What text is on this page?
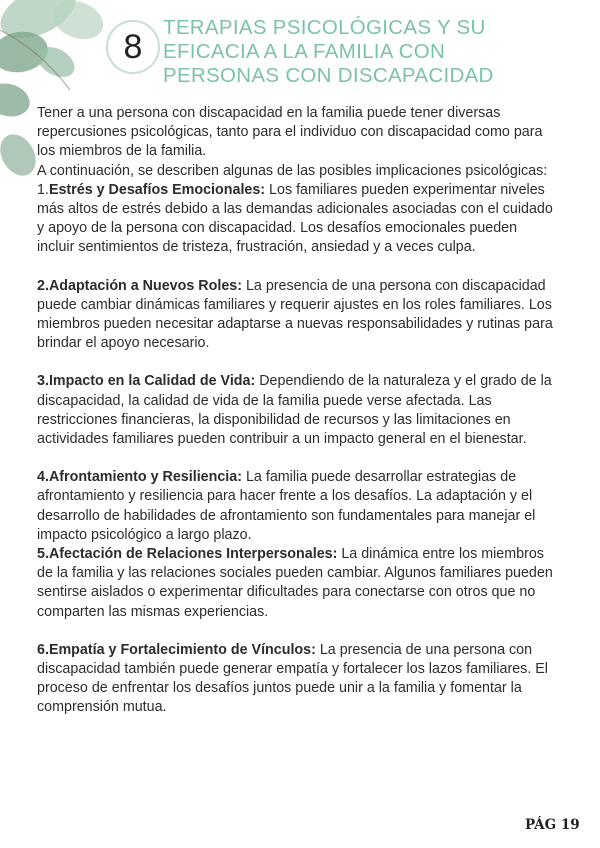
8 TERAPIAS PSICOLÓGICAS Y SU
EFICACIA A LA FAMILIA CON
PERSONAS CON DISCAPACIDAD

Tener a una persona con discapacidad en la familia puede tener diversas repercusiones psicológicas, tanto para el individuo con discapacidad como para los miembros de la familia.

A continuación, se describen algunas de las posibles implicaciones psicológicas:

1.Estrés y Desafíos Emocionales: Los familiares pueden experimentar niveles más altos de estrés debido a las demandas adicionales asociadas con el cuidado y apoyo de la persona con discapacidad. Los desafíos emocionales pueden incluir sentimientos de tristeza, frustración, ansiedad y a veces culpa.

2.Adaptación a Nuevos Roles: La presencia de una persona con discapacidad puede cambiar dinámicas familiares y requerir ajustes en los roles familiares. Los miembros pueden necesitar adaptarse a nuevas responsabilidades y rutinas para brindar el apoyo necesario.

3.Impacto en la Calidad de Vida: Dependiendo de la naturaleza y el grado de la discapacidad, la calidad de vida de la familia puede verse afectada. Las restricciones financieras, la disponibilidad de recursos y las limitaciones en actividades familiares pueden contribuir a un impacto general en el bienestar.

4.Afrontamiento y Resiliencia: La familia puede desarrollar estrategias de afrontamiento y resiliencia para hacer frente a los desafíos. La adaptación y el desarrollo de habilidades de afrontamiento son fundamentales para manejar el impacto psicológico a largo plazo.

5.Afectación de Relaciones Interpersonales: La dinámica entre los miembros de la familia y las relaciones sociales pueden cambiar. Algunos familiares pueden sentirse aislados o experimentar dificultades para conectarse con otros que no comparten las mismas experiencias.

6.Empatía y Fortalecimiento de Vínculos: La presencia de una persona con discapacidad también puede generar empatía y fortalecer los lazos familiares. El proceso de enfrentar los desafíos juntos puede unir a la familia y fomentar la comprensión mutua.

PÁG 19
